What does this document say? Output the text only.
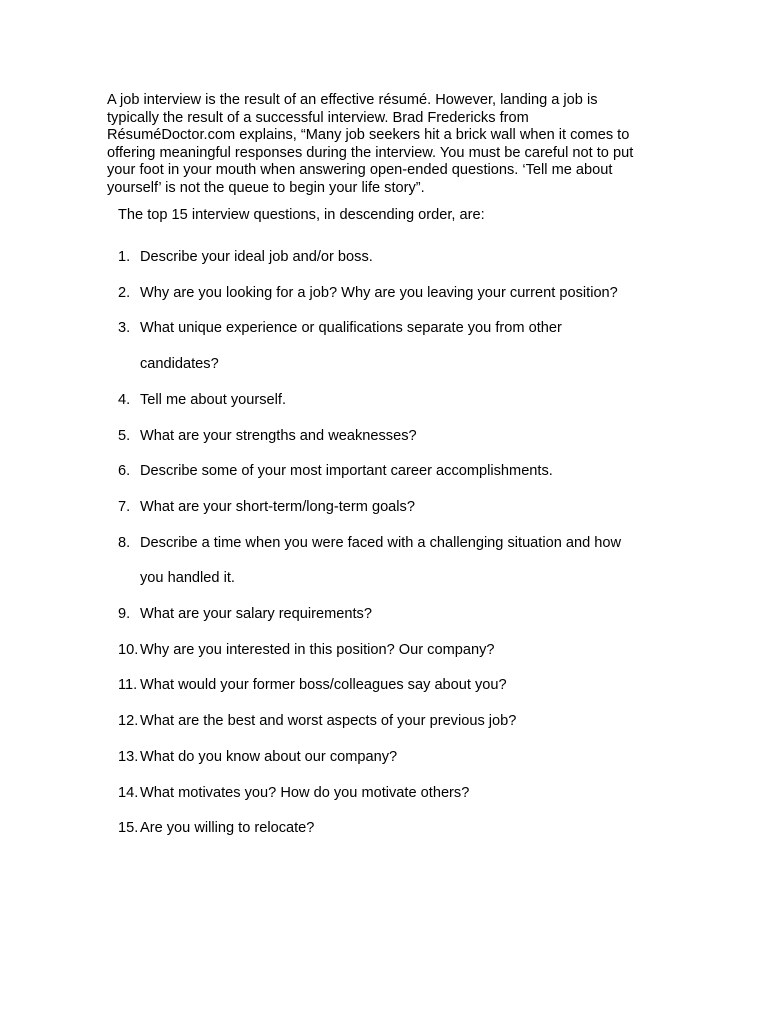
A job interview is the result of an effective résumé. However, landing a job is
typically the result of a successful interview. Brad Fredericks from
RésuméDoctor.com explains, “Many job seekers hit a brick wall when it comes to
offering meaningful responses during the interview. You must be careful not to put
your foot in your mouth when answering open-ended questions. ‘Tell me about
yourself’ is not the queue to begin your life story”.

The top 15 interview questions, in descending order, are:

1. Describe your ideal job and/or boss.
2. Why are you looking for a job? Why are you leaving your current position?
3. What unique experience or qualifications separate you from other
candidates?
4. Tell me about yourself.
5. What are your strengths and weaknesses?
6. Describe some of your most important career accomplishments.
7. What are your short-term/long-term goals?
8. Describe a time when you were faced with a challenging situation and how
you handled it.
9. What are your salary requirements?
10. Why are you interested in this position? Our company?
11. What would your former boss/colleagues say about you?
12. What are the best and worst aspects of your previous job?
13. What do you know about our company?
14. What motivates you? How do you motivate others?
15. Are you willing to relocate?
